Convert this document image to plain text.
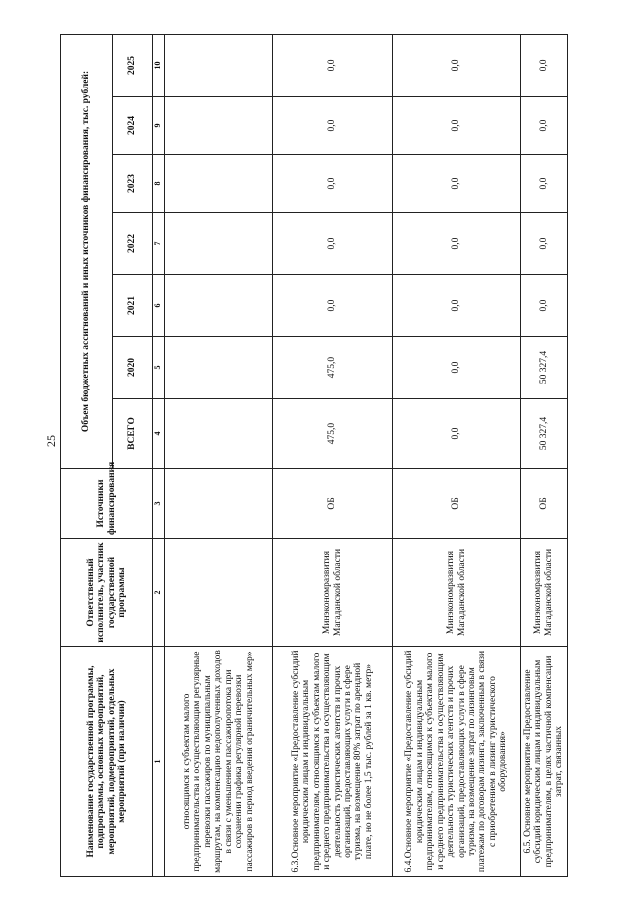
25
Наименование государственной программы, подпрограммы, основных мероприятий, мероприятий, подмероприятий, отдельных мероприятий (при наличии)	Ответственный исполнитель, участник государственной программы	Источники финансирования	Объем бюджетных ассигнований и иных источников финансирования, тыс. рублей:						
			ВСЕГО	2020	2021	2022	2023	2024	2025
1	2	3	4	5	6	7	8	9	10
относящимся к субъектам малого предпринимательства и осуществляющим регулярные перевозки пассажиров по муниципальным маршрутам, на компенсацию недополученных доходов в связи с уменьшением пассажиропотока при сохранении графика регулярной перевозки пассажиров в период введения ограничительных мер»									
6.3.Основное мероприятие «Предоставление субсидий юридическим лицам и индивидуальным предпринимателям, относящимся к субъектам малого и среднего предпринимательства и осуществляющим деятельность туристических агентств и прочих организаций, предоставляющих услуги в сфере туризма, на возмещение 80% затрат по арендной плате, но не более 1,5 тыс. рублей за 1 кв. метр»	Минэкономразвития Магаданской области	ОБ	475,0	475,0	0,0	0,0	0,0	0,0	0,0
6.4.Основное мероприятие «Предоставление субсидий юридическим лицам и индивидуальным предпринимателям, относящимся к субъектам малого и среднего предпринимательства и осуществляющим деятельность туристических агентств и прочих организаций, предоставляющих услуги в сфере туризма, на возмещение затрат по лизинговым платежам по договорам лизинга, заключенным в связи с приобретением в лизинг туристического оборудования»	Минэкономразвития Магаданской области	ОБ	0,0	0,0	0,0	0,0	0,0	0,0	0,0
6.5. Основное мероприятие «Предоставление субсидий юридическим лицам и индивидуальным предпринимателям, в целях частичной компенсации затрат, связанных	Минэкономразвития Магаданской области	ОБ	50 327,4	50 327,4	0,0	0,0	0,0	0,0	0,0
